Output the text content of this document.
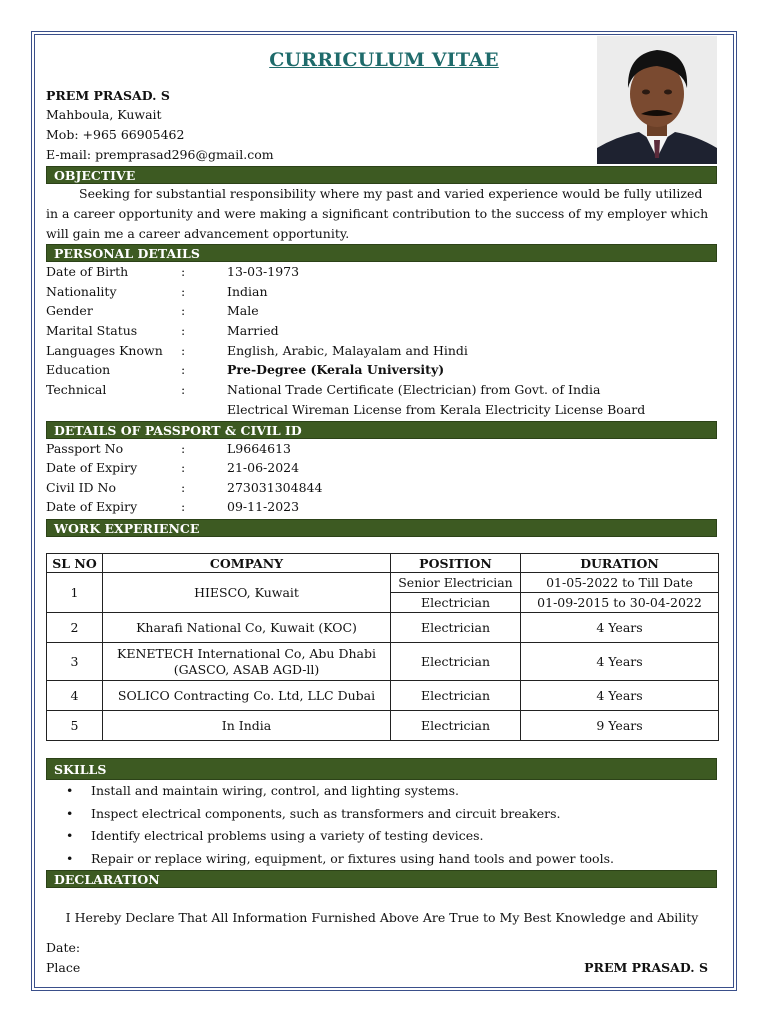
CURRICULUM VITAE
PREM PRASAD. S
Mahboula, Kuwait
Mob: +965 66905462
E-mail: premprasad296@gmail.com
OBJECTIVE
Seeking for substantial responsibility where my past and varied experience would be fully utilized
in a career opportunity and were making a significant contribution to the success of my employer which
will gain me a career advancement opportunity.
PERSONAL DETAILS
Date of Birth	:	13-03-1973
Nationality	:	Indian
Gender	:	Male
Marital Status	:	Married
Languages Known :	English, Arabic, Malayalam and Hindi
Education	:	Pre-Degree (Kerala University)
Technical	:	National Trade Certificate (Electrician) from Govt. of India
Electrical Wireman License from Kerala Electricity License Board
DETAILS OF PASSPORT & CIVIL ID
Passport No	:	L9664613
Date of Expiry	:	21-06-2024
Civil ID No	:	273031304844
Date of Expiry	:	09-11-2023
WORK EXPERIENCE
SL NO	COMPANY	POSITION	DURATION
1	HIESCO, Kuwait	Senior Electrician	01-05-2022 to Till Date
		Electrician	01-09-2015 to 30-04-2022
2	Kharafi National Co, Kuwait (KOC)	Electrician	4 Years
3	KENETECH International Co, Abu Dhabi
(GASCO, ASAB AGD-ll)	Electrician	4 Years
4	SOLICO Contracting Co. Ltd, LLC Dubai	Electrician	4 Years
5	In India	Electrician	9 Years
SKILLS
• Install and maintain wiring, control, and lighting systems.
• Inspect electrical components, such as transformers and circuit breakers.
• Identify electrical problems using a variety of testing devices.
• Repair or replace wiring, equipment, or fixtures using hand tools and power tools.
DECLARATION
I Hereby Declare That All Information Furnished Above Are True to My Best Knowledge and Ability
Date:
Place	PREM PRASAD. S
